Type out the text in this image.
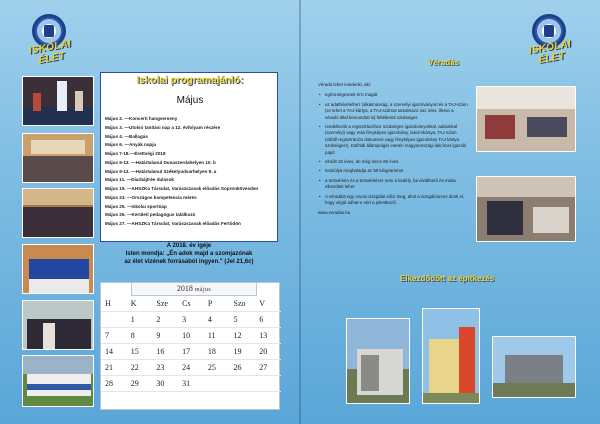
ISKOLAI ÉLET
Iskolai programajánló:
Május
Május 2. —Koncerti hangverseny
Május 3. —Utolsó tanítási nap a 12. évfolyam részére
Május 4. —Ballagás
Május 6. —Anyák napja
Május 7-18.—Érettségi 2018
Május 9-13. —Határtalanul Dunaszerdahelyen 10. b
Május 9-13. —Határtalanul Székelyudvarhelyen 9. a
Május 11. —Diarbájtrée dulások
Május 19. —AHSZKa Társulat, Varászszavak előadás Sopronkövesden
Május 23. —Országos kompetencia mérés
Május 25. —Iskolai sportnap
Május 26. —Kerületi pedagógus találkozó
Május 27. —AHSZKa Társulat, Varászszavak előadás Fertődön
A 2018. év igéje
Isten mondja: „Én adok majd a szomjazónak
az élet vizének forrásából ingyen." (Jel 21,6c)
2018 május
H	K	Sze	Cs	P	Szo	V
	1	2	3	4	5	6
7	8	9	10	11	12	13
14	15	16	17	18	19	20
21	22	23	24	25	26	27
28	29	30	31			
ISKOLAI ÉLET
Véradás

Véradó lehet mindenki, aki:

• egészségesnek érzi magát
• az adatfelvételhez (alkalmasság, a személyi igazolványod és a TAJ-szám (ez lehet a TAJ-kártya, a TAJ-számot tartalmazó irat, lelet, illetve a véradó által bemondott is) feltétlenül szükséges
• rendelkezik a regisztrációhoz szükséges igazolványokkal, adatokkal (személyi) vagy más fényképes igazolvány, lakcímkártya, TAJ szám (ebből regisztrációs dokument vagy fényképes igazolvány TAJ kártya szükséges!). Külföldi állampolgár esetén magyarországi lakcímet igazoló papír
• elmúlt 18 éves, de még nincs 65 éves
• testsúlya meghaladja az 50 kilogrammot
• a testvérkén és a testvérkézer nem a kedély, ha elválthető és mióta elkezdtek lehet
• A véradást egy orvosi vizsgálat előzi meg, ahol a vizsgálóorvos dönti el, hogy végül adhat-e vért a jelentkező.

www.veradas.hu

Elkezdődött az építkezés
